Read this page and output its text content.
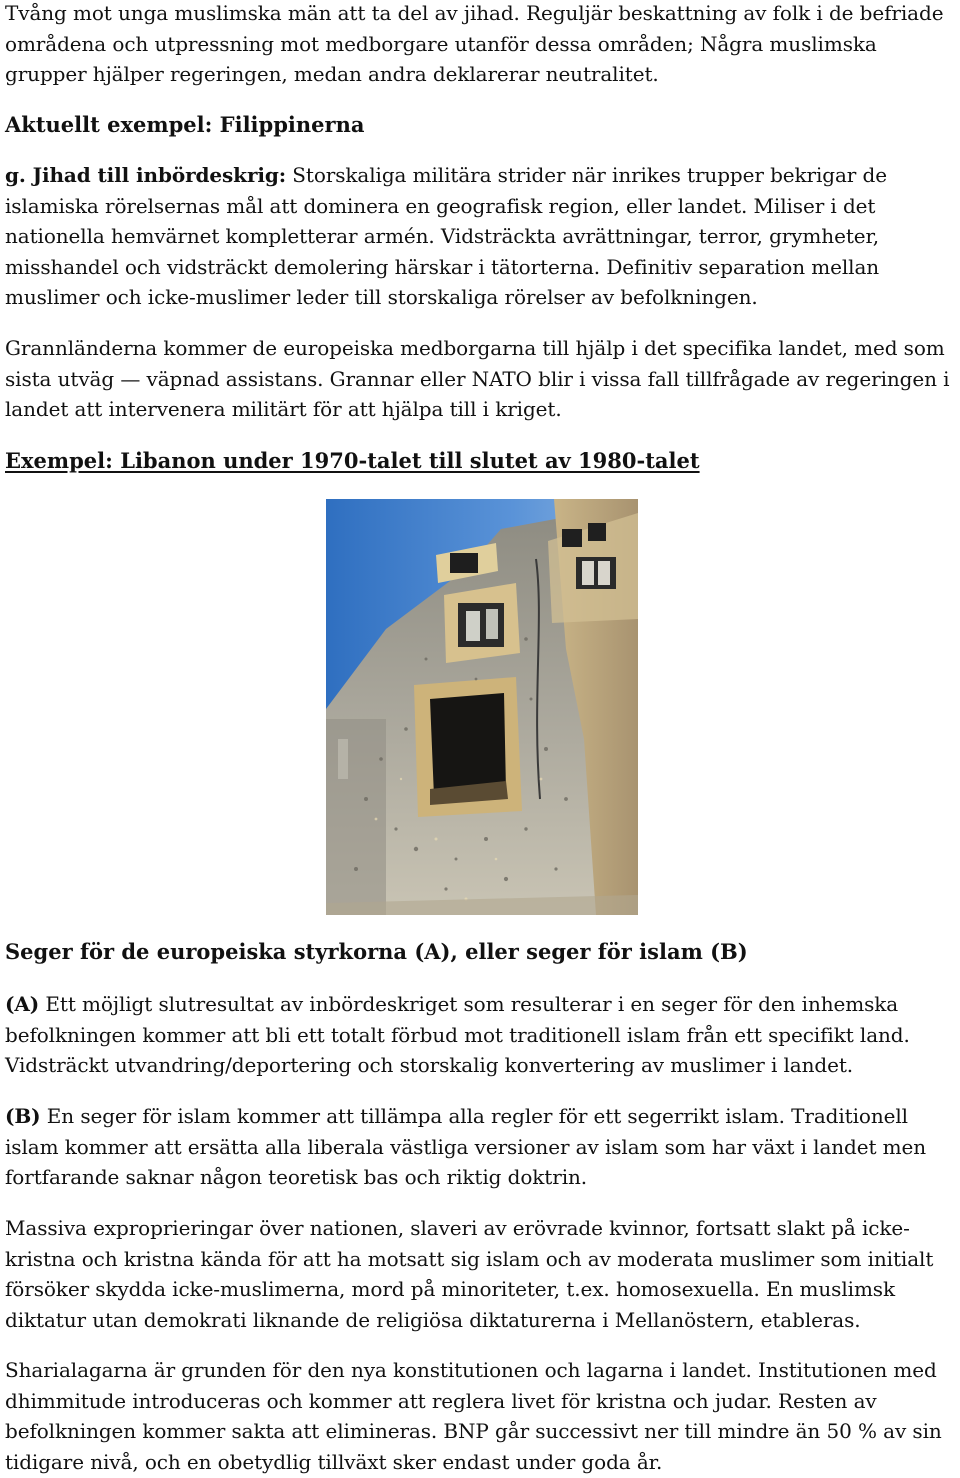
Tvång mot unga muslimska män att ta del av jihad. Reguljär beskattning av folk i de befriade områdena och utpressning mot medborgare utanför dessa områden; Några muslimska grupper hjälper regeringen, medan andra deklarerar neutralitet.

Aktuellt exempel: Filippinerna

g. Jihad till inbördeskrig: Storskaliga militära strider när inrikes trupper bekrigar de islamiska rörelsernas mål att dominera en geografisk region, eller landet. Miliser i det nationella hemvärnet kompletterar armén. Vidsträckta avrättningar, terror, grymheter, misshandel och vidsträckt demolering härskar i tätorterna. Definitiv separation mellan muslimer och icke-muslimer leder till storskaliga rörelser av befolkningen.

Grannländerna kommer de europeiska medborgarna till hjälp i det specifika landet, med som sista utväg — väpnad assistans. Grannar eller NATO blir i vissa fall tillfrågade av regeringen i landet att intervenera militärt för att hjälpa till i kriget.

Exempel: Libanon under 1970-talet till slutet av 1980-talet
Seger för de europeiska styrkorna (A), eller seger för islam (B)

(A) Ett möjligt slutresultat av inbördeskriget som resulterar i en seger för den inhemska befolkningen kommer att bli ett totalt förbud mot traditionell islam från ett specifikt land. Vidsträckt utvandring/deportering och storskalig konvertering av muslimer i landet.

(B) En seger för islam kommer att tillämpa alla regler för ett segerrikt islam. Traditionell islam kommer att ersätta alla liberala västliga versioner av islam som har växt i landet men fortfarande saknar någon teoretisk bas och riktig doktrin.

Massiva exproprieringar över nationen, slaveri av erövrade kvinnor, fortsatt slakt på icke-kristna och kristna kända för att ha motsatt sig islam och av moderata muslimer som initialt försöker skydda icke-muslimerna, mord på minoriteter, t.ex. homosexuella. En muslimsk diktatur utan demokrati liknande de religiösa diktaturerna i Mellanöstern, etableras.

Sharialagarna är grunden för den nya konstitutionen och lagarna i landet. Institutionen med dhimmitude introduceras och kommer att reglera livet för kristna och judar. Resten av befolkningen kommer sakta att elimineras. BNP går successivt ner till mindre än 50 % av sin tidigare nivå, och en obetydlig tillväxt sker endast under goda år.
